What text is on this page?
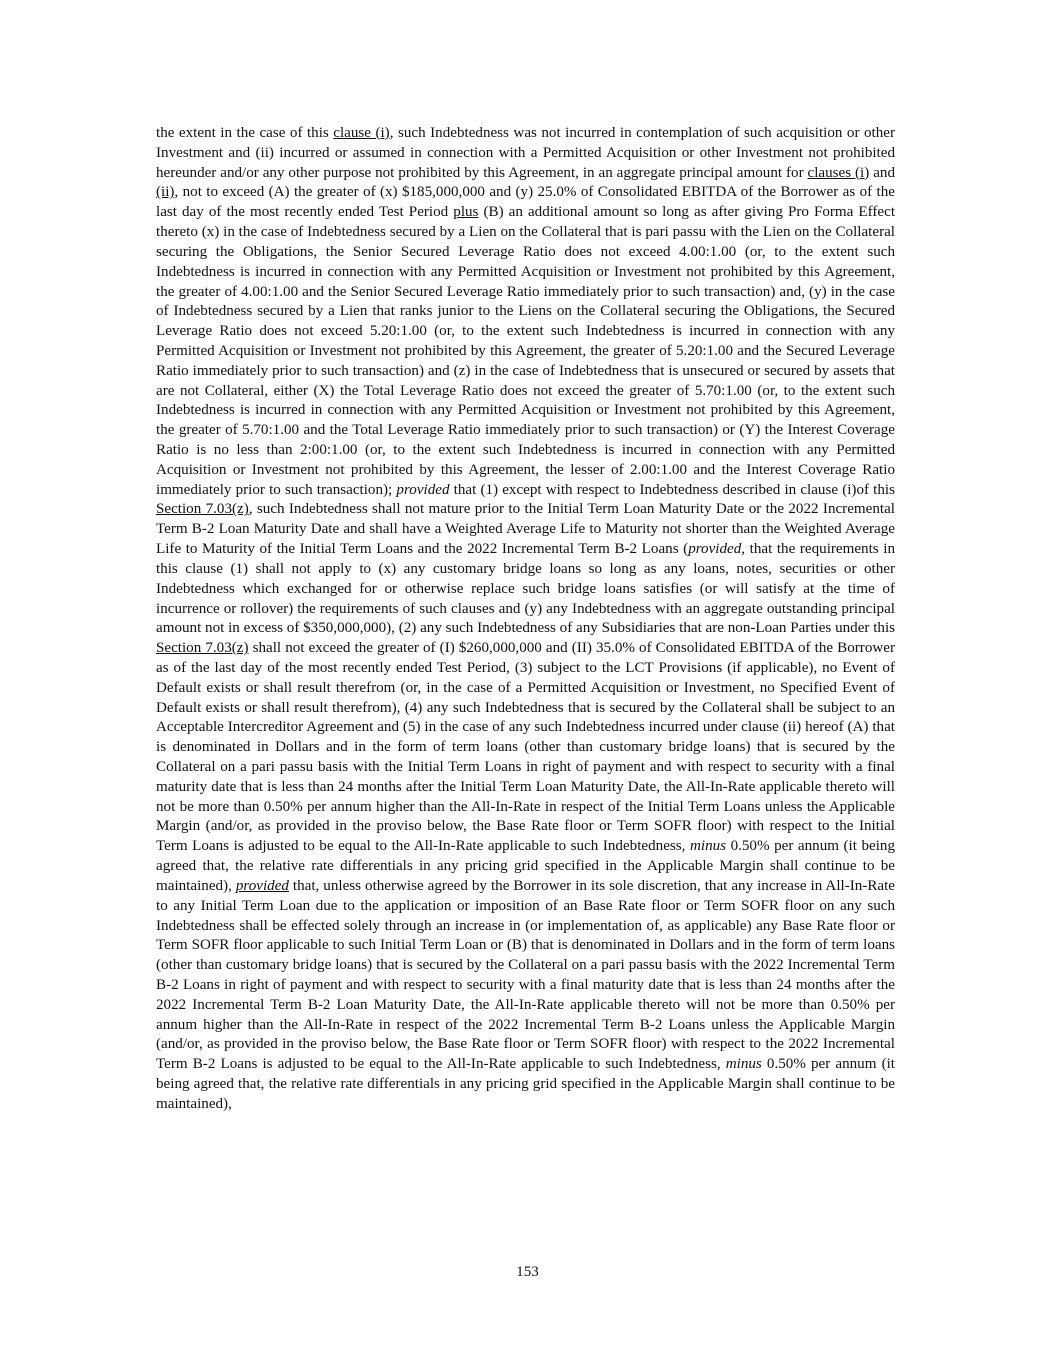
the extent in the case of this clause (i), such Indebtedness was not incurred in contemplation of such acquisition or other Investment and (ii) incurred or assumed in connection with a Permitted Acquisition or other Investment not prohibited hereunder and/or any other purpose not prohibited by this Agreement, in an aggregate principal amount for clauses (i) and (ii), not to exceed (A) the greater of (x) $185,000,000 and (y) 25.0% of Consolidated EBITDA of the Borrower as of the last day of the most recently ended Test Period plus (B) an additional amount so long as after giving Pro Forma Effect thereto (x) in the case of Indebtedness secured by a Lien on the Collateral that is pari passu with the Lien on the Collateral securing the Obligations, the Senior Secured Leverage Ratio does not exceed 4.00:1.00 (or, to the extent such Indebtedness is incurred in connection with any Permitted Acquisition or Investment not prohibited by this Agreement, the greater of 4.00:1.00 and the Senior Secured Leverage Ratio immediately prior to such transaction) and, (y) in the case of Indebtedness secured by a Lien that ranks junior to the Liens on the Collateral securing the Obligations, the Secured Leverage Ratio does not exceed 5.20:1.00 (or, to the extent such Indebtedness is incurred in connection with any Permitted Acquisition or Investment not prohibited by this Agreement, the greater of 5.20:1.00 and the Secured Leverage Ratio immediately prior to such transaction) and (z) in the case of Indebtedness that is unsecured or secured by assets that are not Collateral, either (X) the Total Leverage Ratio does not exceed the greater of 5.70:1.00 (or, to the extent such Indebtedness is incurred in connection with any Permitted Acquisition or Investment not prohibited by this Agreement, the greater of 5.70:1.00 and the Total Leverage Ratio immediately prior to such transaction) or (Y) the Interest Coverage Ratio is no less than 2:00:1.00 (or, to the extent such Indebtedness is incurred in connection with any Permitted Acquisition or Investment not prohibited by this Agreement, the lesser of 2.00:1.00 and the Interest Coverage Ratio immediately prior to such transaction); provided that (1) except with respect to Indebtedness described in clause (i)of this Section 7.03(z), such Indebtedness shall not mature prior to the Initial Term Loan Maturity Date or the 2022 Incremental Term B-2 Loan Maturity Date and shall have a Weighted Average Life to Maturity not shorter than the Weighted Average Life to Maturity of the Initial Term Loans and the 2022 Incremental Term B-2 Loans (provided, that the requirements in this clause (1) shall not apply to (x) any customary bridge loans so long as any loans, notes, securities or other Indebtedness which exchanged for or otherwise replace such bridge loans satisfies (or will satisfy at the time of incurrence or rollover) the requirements of such clauses and (y) any Indebtedness with an aggregate outstanding principal amount not in excess of $350,000,000), (2) any such Indebtedness of any Subsidiaries that are non-Loan Parties under this Section 7.03(z) shall not exceed the greater of (I) $260,000,000 and (II) 35.0% of Consolidated EBITDA of the Borrower as of the last day of the most recently ended Test Period, (3) subject to the LCT Provisions (if applicable), no Event of Default exists or shall result therefrom (or, in the case of a Permitted Acquisition or Investment, no Specified Event of Default exists or shall result therefrom), (4) any such Indebtedness that is secured by the Collateral shall be subject to an Acceptable Intercreditor Agreement and (5) in the case of any such Indebtedness incurred under clause (ii) hereof (A) that is denominated in Dollars and in the form of term loans (other than customary bridge loans) that is secured by the Collateral on a pari passu basis with the Initial Term Loans in right of payment and with respect to security with a final maturity date that is less than 24 months after the Initial Term Loan Maturity Date, the All-In-Rate applicable thereto will not be more than 0.50% per annum higher than the All-In-Rate in respect of the Initial Term Loans unless the Applicable Margin (and/or, as provided in the proviso below, the Base Rate floor or Term SOFR floor) with respect to the Initial Term Loans is adjusted to be equal to the All-In-Rate applicable to such Indebtedness, minus 0.50% per annum (it being agreed that, the relative rate differentials in any pricing grid specified in the Applicable Margin shall continue to be maintained), provided that, unless otherwise agreed by the Borrower in its sole discretion, that any increase in All-In-Rate to any Initial Term Loan due to the application or imposition of an Base Rate floor or Term SOFR floor on any such Indebtedness shall be effected solely through an increase in (or implementation of, as applicable) any Base Rate floor or Term SOFR floor applicable to such Initial Term Loan or (B) that is denominated in Dollars and in the form of term loans (other than customary bridge loans) that is secured by the Collateral on a pari passu basis with the 2022 Incremental Term B-2 Loans in right of payment and with respect to security with a final maturity date that is less than 24 months after the 2022 Incremental Term B-2 Loan Maturity Date, the All-In-Rate applicable thereto will not be more than 0.50% per annum higher than the All-In-Rate in respect of the 2022 Incremental Term B-2 Loans unless the Applicable Margin (and/or, as provided in the proviso below, the Base Rate floor or Term SOFR floor) with respect to the 2022 Incremental Term B-2 Loans is adjusted to be equal to the All-In-Rate applicable to such Indebtedness, minus 0.50% per annum (it being agreed that, the relative rate differentials in any pricing grid specified in the Applicable Margin shall continue to be maintained),

153
